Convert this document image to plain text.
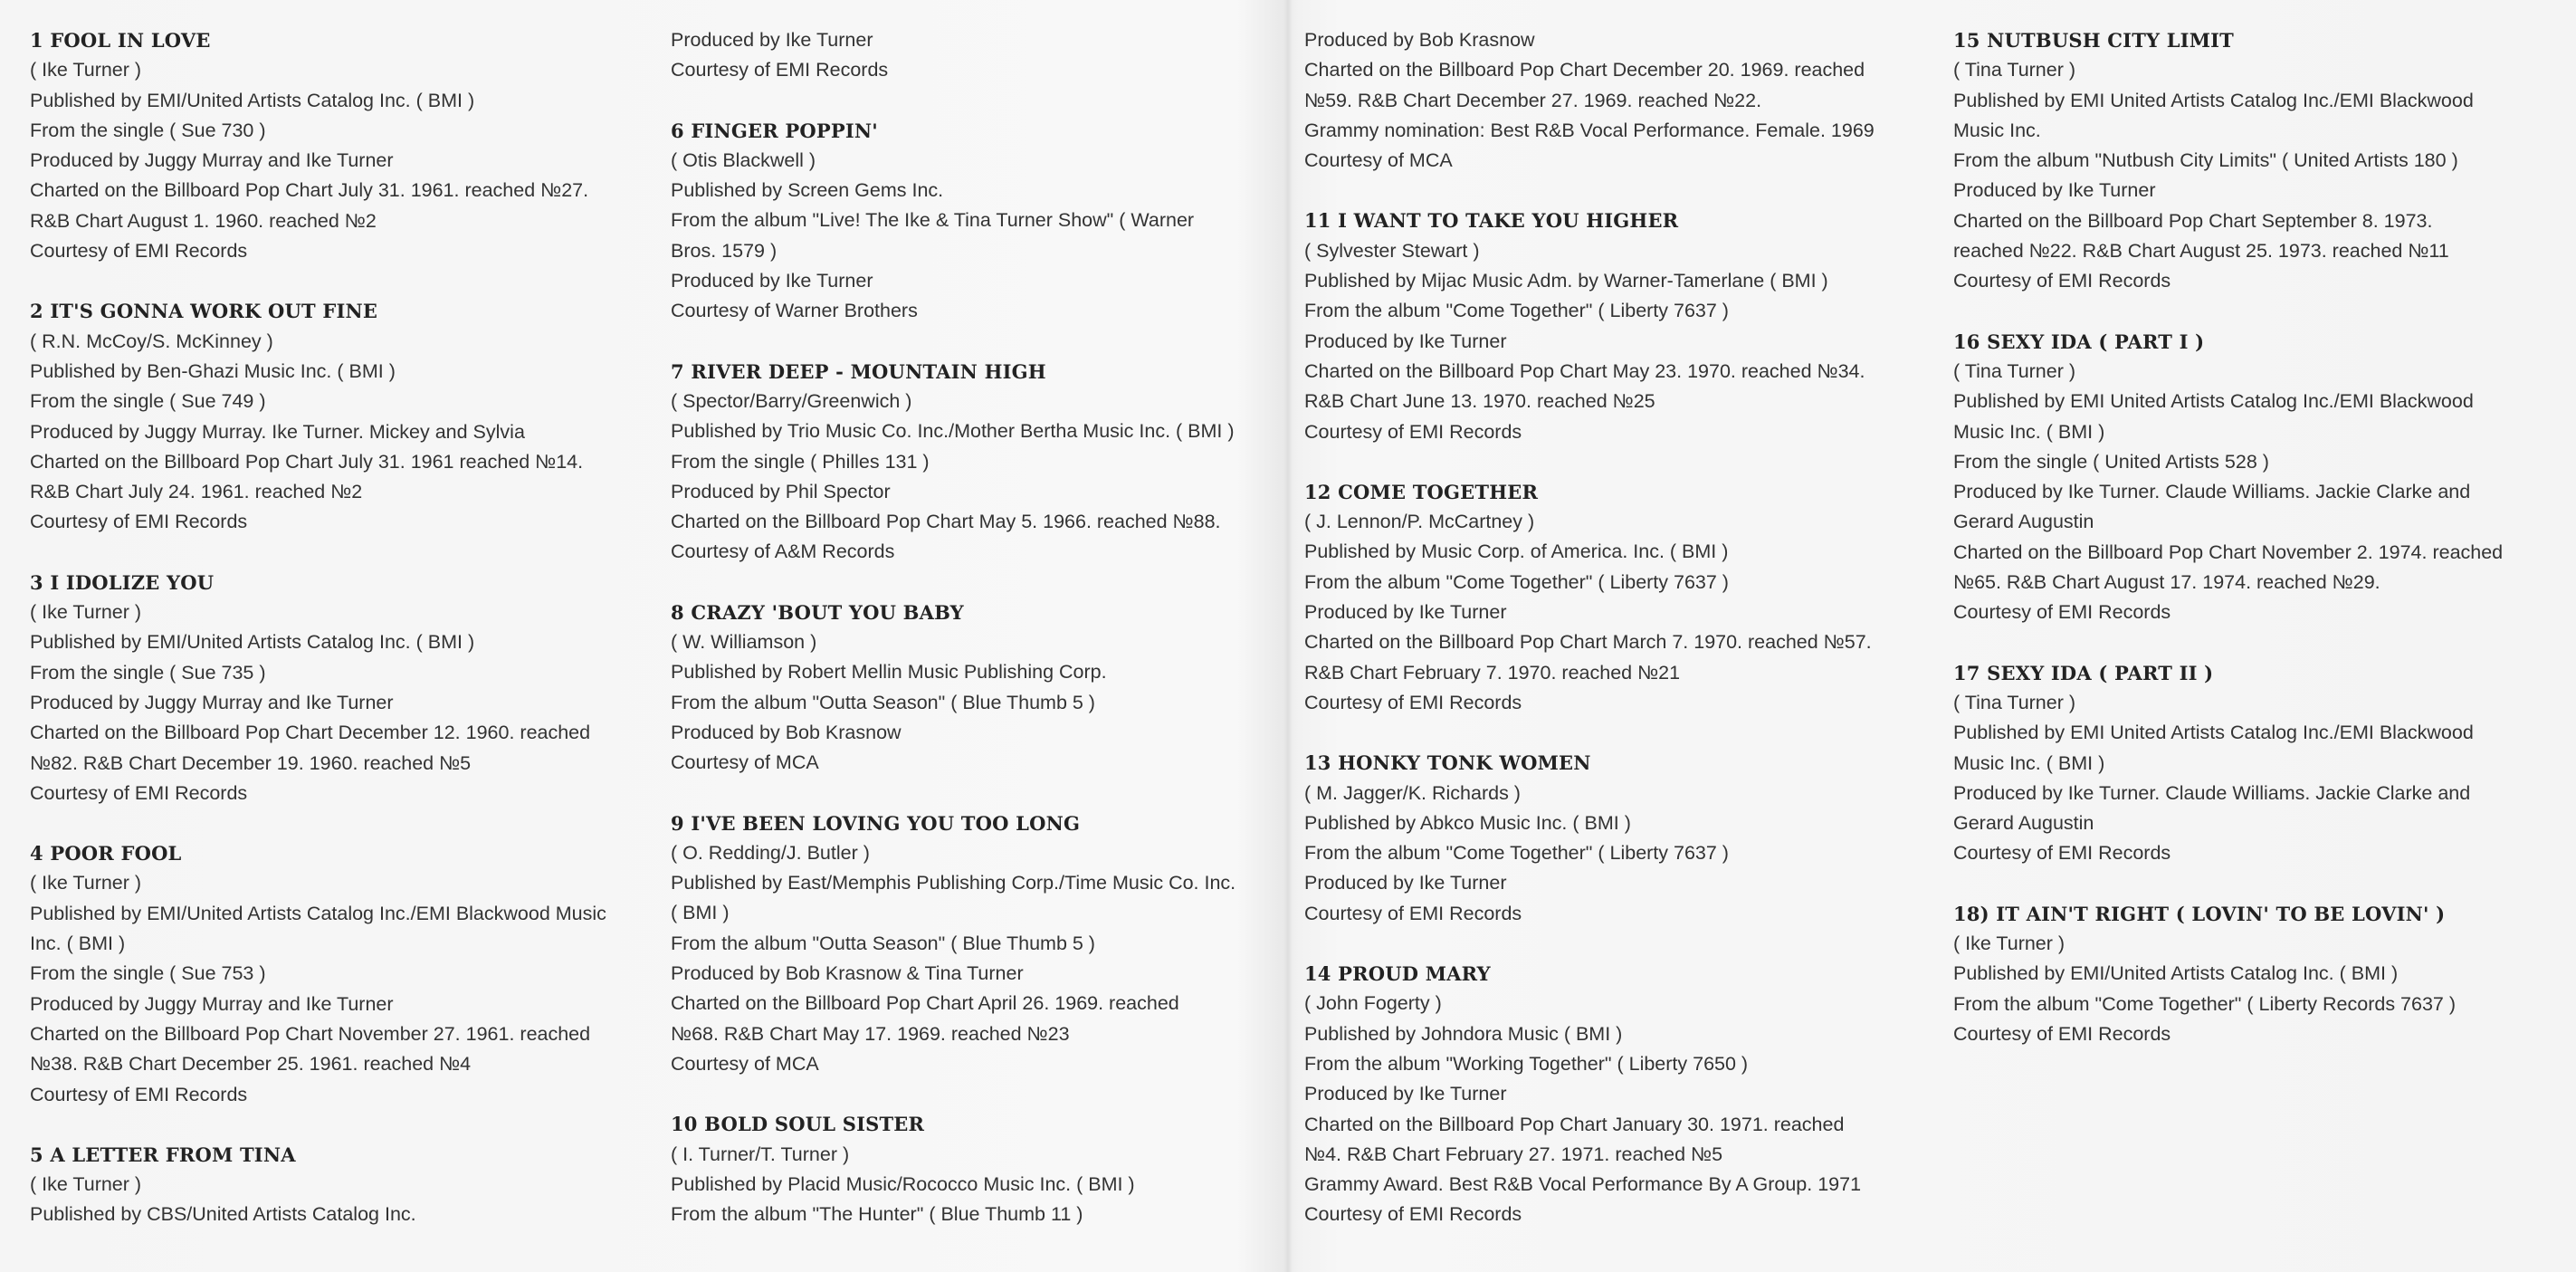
1 FOOL IN LOVE
( Ike Turner )
Published by EMI/United Artists Catalog Inc. ( BMI )
From the single ( Sue 730 )
Produced by Juggy Murray and Ike Turner
Charted on the Billboard Pop Chart July 31. 1961. reached №27.
R&B Chart August 1. 1960. reached №2
Courtesy of EMI Records
2 IT'S GONNA WORK OUT FINE
( R.N. McCoy/S. McKinney )
Published by Ben-Ghazi Music Inc. ( BMI )
From the single ( Sue 749 )
Produced by Juggy Murray. Ike Turner. Mickey and Sylvia
Charted on the Billboard Pop Chart July 31. 1961 reached №14.
R&B Chart July 24. 1961. reached №2
Courtesy of EMI Records
3 I IDOLIZE YOU
( Ike Turner )
Published by EMI/United Artists Catalog Inc. ( BMI )
From the single ( Sue 735 )
Produced by Juggy Murray and Ike Turner
Charted on the Billboard Pop Chart December 12. 1960. reached
№82. R&B Chart December 19. 1960. reached №5
Courtesy of EMI Records
4 POOR FOOL
( Ike Turner )
Published by EMI/United Artists Catalog Inc./EMI Blackwood Music
Inc. ( BMI )
From the single ( Sue 753 )
Produced by Juggy Murray and Ike Turner
Charted on the Billboard Pop Chart November 27. 1961. reached
№38. R&B Chart December 25. 1961. reached №4
Courtesy of EMI Records
5 A LETTER FROM TINA
( Ike Turner )
Published by CBS/United Artists Catalog Inc.
Produced by Ike Turner
Courtesy of EMI Records
6 FINGER POPPIN'
( Otis Blackwell )
Published by Screen Gems Inc.
From the album "Live! The Ike & Tina Turner Show" ( Warner
Bros. 1579 )
Produced by Ike Turner
Courtesy of Warner Brothers
7 RIVER DEEP - MOUNTAIN HIGH
( Spector/Barry/Greenwich )
Published by Trio Music Co. Inc./Mother Bertha Music Inc. ( BMI )
From the single ( Philles 131 )
Produced by Phil Spector
Charted on the Billboard Pop Chart May 5. 1966. reached №88.
Courtesy of A&M Records
8 CRAZY 'BOUT YOU BABY
( W. Williamson )
Published by Robert Mellin Music Publishing Corp.
From the album "Outta Season" ( Blue Thumb 5 )
Produced by Bob Krasnow
Courtesy of MCA
9 I'VE BEEN LOVING YOU TOO LONG
( O. Redding/J. Butler )
Published by East/Memphis Publishing Corp./Time Music Co. Inc.
( BMI )
From the album "Outta Season" ( Blue Thumb 5 )
Produced by Bob Krasnow & Tina Turner
Charted on the Billboard Pop Chart April 26. 1969. reached
№68. R&B Chart May 17. 1969. reached №23
Courtesy of MCA
10 BOLD SOUL SISTER
( I. Turner/T. Turner )
Published by Placid Music/Rococco Music Inc. ( BMI )
From the album "The Hunter" ( Blue Thumb 11 )
Produced by Bob Krasnow
Charted on the Billboard Pop Chart December 20. 1969. reached
№59. R&B Chart December 27. 1969. reached №22.
Grammy nomination: Best R&B Vocal Performance. Female. 1969
Courtesy of MCA
11 I WANT TO TAKE YOU HIGHER
( Sylvester Stewart )
Published by Mijac Music Adm. by Warner-Tamerlane ( BMI )
From the album "Come Together" ( Liberty 7637 )
Produced by Ike Turner
Charted on the Billboard Pop Chart May 23. 1970. reached №34.
R&B Chart June 13. 1970. reached №25
Courtesy of EMI Records
12 COME TOGETHER
( J. Lennon/P. McCartney )
Published by Music Corp. of America. Inc. ( BMI )
From the album "Come Together" ( Liberty 7637 )
Produced by Ike Turner
Charted on the Billboard Pop Chart March 7. 1970. reached №57.
R&B Chart February 7. 1970. reached №21
Courtesy of EMI Records
13 HONKY TONK WOMEN
( M. Jagger/K. Richards )
Published by Abkco Music Inc. ( BMI )
From the album "Come Together" ( Liberty 7637 )
Produced by Ike Turner
Courtesy of EMI Records
14 PROUD MARY
( John Fogerty )
Published by Johndora Music ( BMI )
From the album "Working Together" ( Liberty 7650 )
Produced by Ike Turner
Charted on the Billboard Pop Chart January 30. 1971. reached
№4. R&B Chart February 27. 1971. reached №5
Grammy Award. Best R&B Vocal Performance By A Group. 1971
Courtesy of EMI Records
15 NUTBUSH CITY LIMIT
( Tina Turner )
Published by EMI United Artists Catalog Inc./EMI Blackwood
Music Inc.
From the album "Nutbush City Limits" ( United Artists 180 )
Produced by Ike Turner
Charted on the Billboard Pop Chart September 8. 1973.
reached №22. R&B Chart August 25. 1973. reached №11
Courtesy of EMI Records
16 SEXY IDA ( PART I )
( Tina Turner )
Published by EMI United Artists Catalog Inc./EMI Blackwood
Music Inc. ( BMI )
From the single ( United Artists 528 )
Produced by Ike Turner. Claude Williams. Jackie Clarke and
Gerard Augustin
Charted on the Billboard Pop Chart November 2. 1974. reached
№65. R&B Chart August 17. 1974. reached №29.
Courtesy of EMI Records
17 SEXY IDA ( PART II )
( Tina Turner )
Published by EMI United Artists Catalog Inc./EMI Blackwood
Music Inc. ( BMI )
Produced by Ike Turner. Claude Williams. Jackie Clarke and
Gerard Augustin
Courtesy of EMI Records
18) IT AIN'T RIGHT ( LOVIN' TO BE LOVIN' )
( Ike Turner )
Published by EMI/United Artists Catalog Inc. ( BMI )
From the album "Come Together" ( Liberty Records 7637 )
Courtesy of EMI Records
